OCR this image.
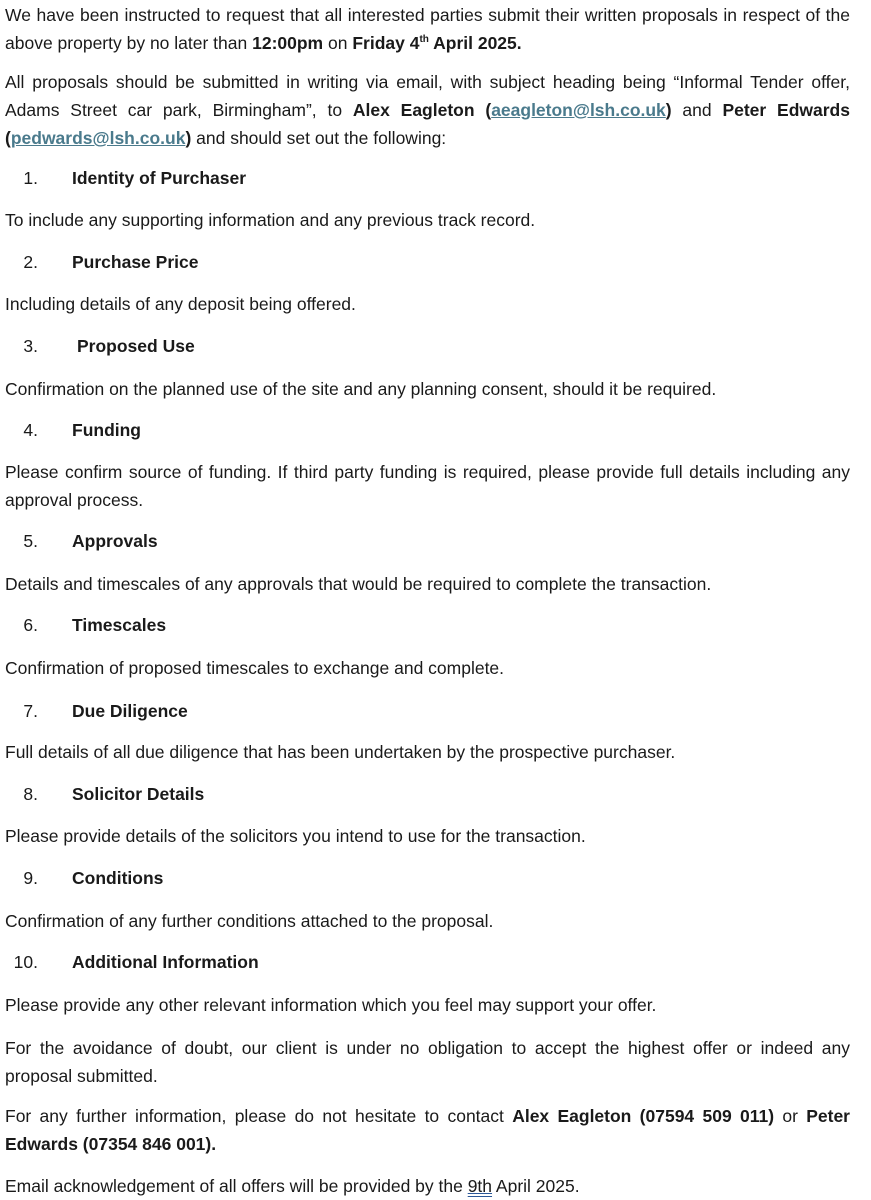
We have been instructed to request that all interested parties submit their written proposals in respect of the above property by no later than 12:00pm on Friday 4th April 2025.

All proposals should be submitted in writing via email, with subject heading being “Informal Tender offer, Adams Street car park, Birmingham”, to Alex Eagleton (aeagleton@lsh.co.uk) and Peter Edwards (pedwards@lsh.co.uk) and should set out the following:

1. Identity of Purchaser

To include any supporting information and any previous track record.

2. Purchase Price

Including details of any deposit being offered.

3. Proposed Use

Confirmation on the planned use of the site and any planning consent, should it be required.

4. Funding

Please confirm source of funding. If third party funding is required, please provide full details including any approval process.

5. Approvals

Details and timescales of any approvals that would be required to complete the transaction.

6. Timescales

Confirmation of proposed timescales to exchange and complete.

7. Due Diligence

Full details of all due diligence that has been undertaken by the prospective purchaser.

8. Solicitor Details

Please provide details of the solicitors you intend to use for the transaction.

9. Conditions

Confirmation of any further conditions attached to the proposal.

10. Additional Information

Please provide any other relevant information which you feel may support your offer.

For the avoidance of doubt, our client is under no obligation to accept the highest offer or indeed any proposal submitted.

For any further information, please do not hesitate to contact Alex Eagleton (07594 509 011) or Peter Edwards (07354 846 001).

Email acknowledgement of all offers will be provided by the 9th April 2025.
